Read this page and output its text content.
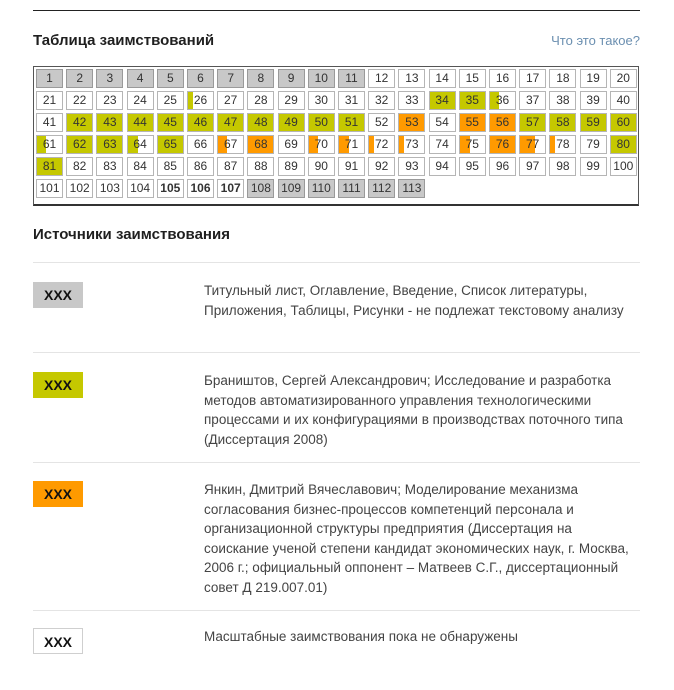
Таблица заимствований	Что это такое?
1	2	3	4	5	6	7	8	9	10	11	12	13	14	15	16	17	18	19	20
21	22	23	24	25	26	27	28	29	30	31	32	33	34	35	36	37	38	39	40
41	42	43	44	45	46	47	48	49	50	51	52	53	54	55	56	57	58	59	60
61	62	63	64	65	66	67	68	69	70	71	72	73	74	75	76	77	78	79	80
81	82	83	84	85	86	87	88	89	90	91	92	93	94	95	96	97	98	99	100
101 102 103 104 105 106 107 108 109 110 111 112 113
Источники заимствования
XXX	Титульный лист, Оглавление, Введение, Список литературы, Приложения, Таблицы, Рисунки - не подлежат текстовому анализу
XXX	Браништов, Сергей Александрович; Исследование и разработка методов автоматизированного управления технологическими процессами и их конфигурациями в производствах поточного типа (Диссертация 2008)
XXX	Янкин, Дмитрий Вячеславович; Моделирование механизма согласования бизнес-процессов компетенций персонала и организационной структуры предприятия (Диссертация на соискание ученой степени кандидат экономических наук, г. Москва, 2006 г.; официальный оппонент – Матвеев С.Г., диссертационный совет Д 219.007.01)
XXX	Масштабные заимствования пока не обнаружены
